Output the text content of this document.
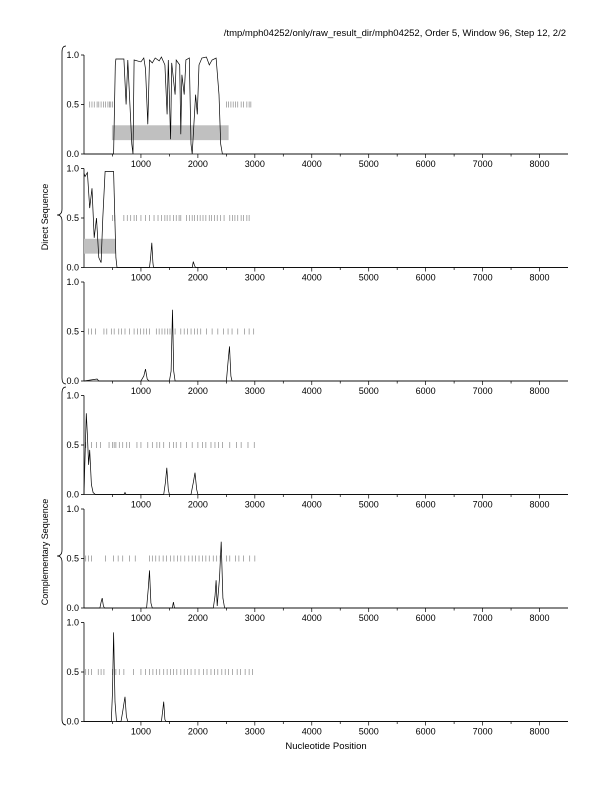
/tmp/mph04252/only/raw_result_dir/mph04252, Order 5, Window 96, Step 12, 2/2
0.0
0.5
1.0
1000	2000	3000	4000	5000	6000	7000	8000
0.0
0.5
1.0
1000	2000	3000	4000	5000	6000	7000	8000
0.0
0.5
1.0
1000	2000	3000	4000	5000	6000	7000	8000
0.0
0.5
1.0
1000	2000	3000	4000	5000	6000	7000	8000
0.0
0.5
1.0
1000	2000	3000	4000	5000	6000	7000	8000
0.0
0.5
1.0
1000	2000	3000	4000	5000	6000	7000	8000
Direct Sequence
Complementary Sequence
Nucleotide Position
